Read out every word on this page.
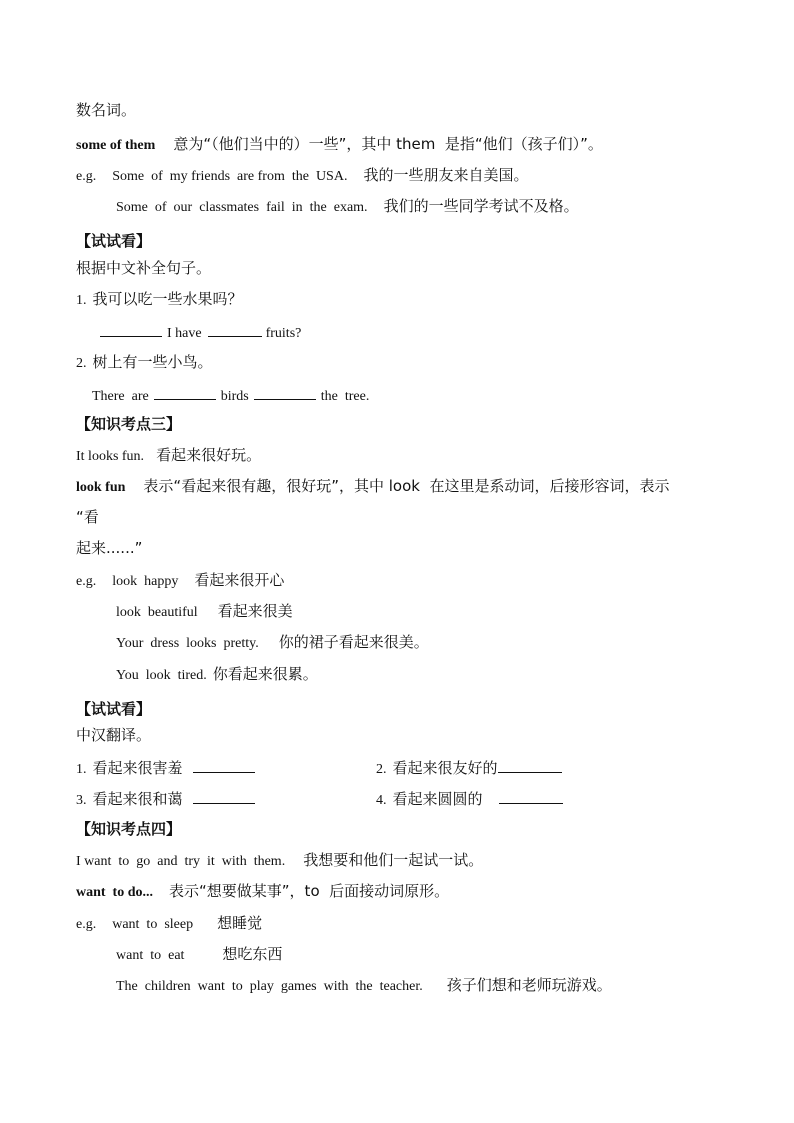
数名词。
some of them 意为“（他们当中的）一些”，其中 them  是指“他们（孩子们）”。
e.g. Some  of  my friends  are from  the  USA. 我的一些朋友来自美国。
Some  of  our  classmates  fail  in  the  exam. 我们的一些同学考试不及格。
【试试看】
根据中文补全句子。
1. 我可以吃一些水果吗？
I have	fruits?
2. 树上有一些小鸟。
There  are	birds	the  tree.
【知识考点三】
It looks fun. 看起来很好玩。
look fun 表示“看起来很有趣，很好玩”，其中 look  在这里是系动词，后接形容词，表示
“看
起来......”
e.g. look  happy 看起来很开心
look  beautiful 看起来很美
Your  dress  looks  pretty. 你的裙子看起来很美。
You  look  tired. 你看起来很累。
【试试看】
中汉翻译。
1. 看起来很害羞	2. 看起来很友好的
3. 看起来很和蔼	4. 看起来圆圆的
【知识考点四】
I want  to  go  and  try  it  with  them. 我想要和他们一起试一试。
want  to do... 表示“想要做某事”，to  后面接动词原形。
e.g. want  to  sleep 想睡觉
want  to  eat	想吃东西
The  children  want  to  play  games  with  the  teacher. 孩子们想和老师玩游戏。
